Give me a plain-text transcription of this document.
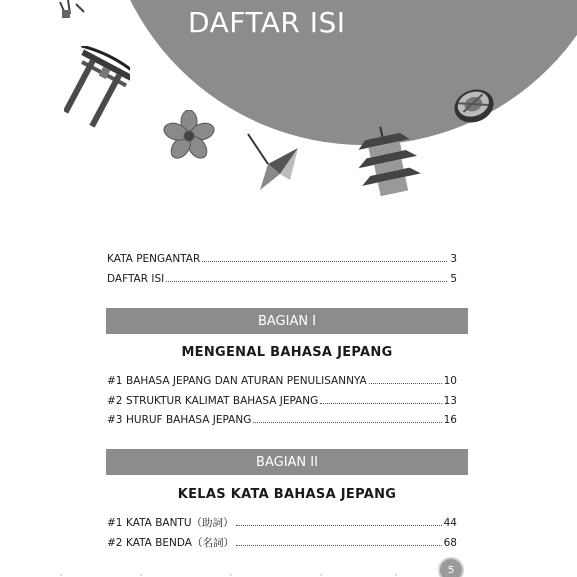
DAFTAR ISI
KATA PENGANTAR	3
DAFTAR ISI	5
BAGIAN I
MENGENAL BAHASA JEPANG
#1 BAHASA JEPANG DAN ATURAN PENULISANNYA	10
#2 STRUKTUR KALIMAT BAHASA JEPANG	13
#3 HURUF BAHASA JEPANG	16
BAGIAN II
KELAS KATA BAHASA JEPANG
#1 KATA BANTU（助詞）	44
#2 KATA BENDA（名詞）	68
5
